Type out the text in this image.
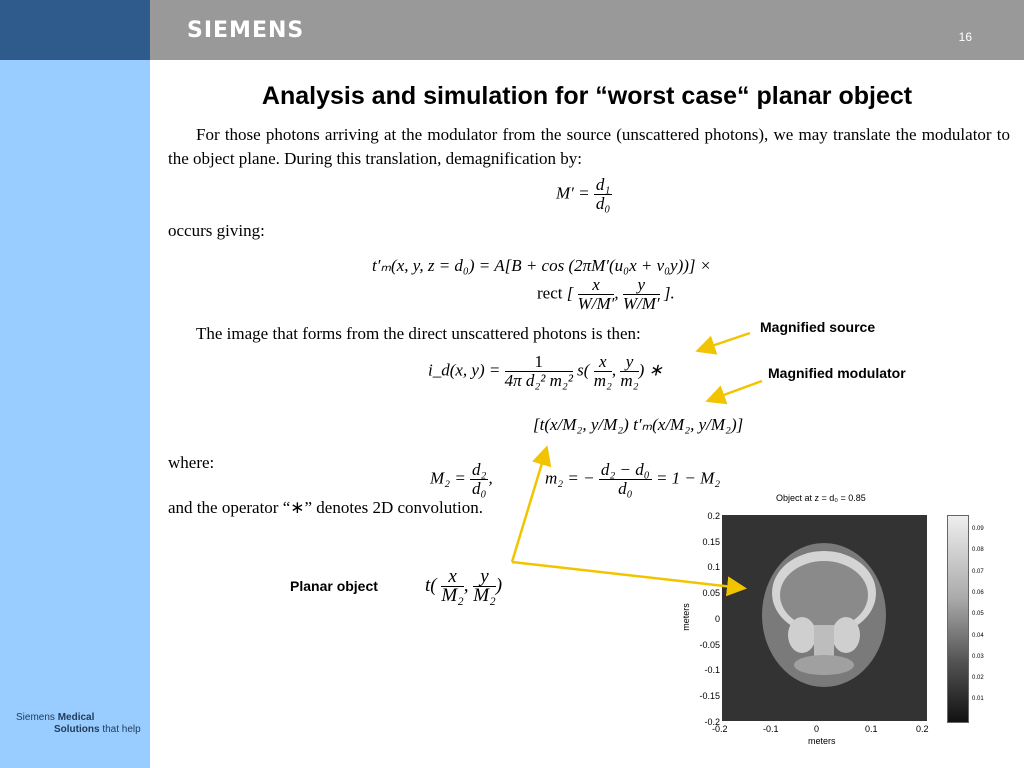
SIEMENS	16
Siemens Medical
Solutions that help
Analysis and simulation for “worst case“ planar object
For those photons arriving at the modulator from the source (unscattered photons), we may translate the modulator to the object plane. During this translation, demagnification by:
$M' = \frac{\text{d₁}}{\text{d₀}}$
occurs giving:
t′ₘ(x, y, z = d₀) = A[B + cos (2πM′(u₀x + v₀y))] ×
rect [ $\frac{x}{W/M'}$ , $\frac{y}{W/M'}$ ].
The image that forms from the direct unscattered photons is then:
i_d(x, $y) = \frac{1}{\text{4π d₂² m₂²}} s( \frac{x}{\text{m₂}}$ , $\frac{y}{\text{m₂}}$ ) ∗
[t(x/M₂, y/M₂) t′ₘ(x/M₂, y/M₂)]
where:
$M_2 = \frac{\text{d₂}}{\text{d₀}}$ ,	m₂ = − $\frac{\text{d₂ − d₀}}{\text{d₀}} = 1 - M_2$
and the operator “∗” denotes 2D convolution.
$t( \frac{x}{\text{M₂}}$ , $\frac{y}{\text{M₂}}$ )
Magnified source
Magnified modulator
Planar object
Object at z = d₀ = 0.85
-0.2	-0.1	0	0.1	0.2
0.2
0.15
0.1
0.05
0
-0.05
-0.1
-0.15
-0.2
0.09
0.08
0.07
0.06
0.05
0.04
0.03
0.02
0.01
meters
meters
